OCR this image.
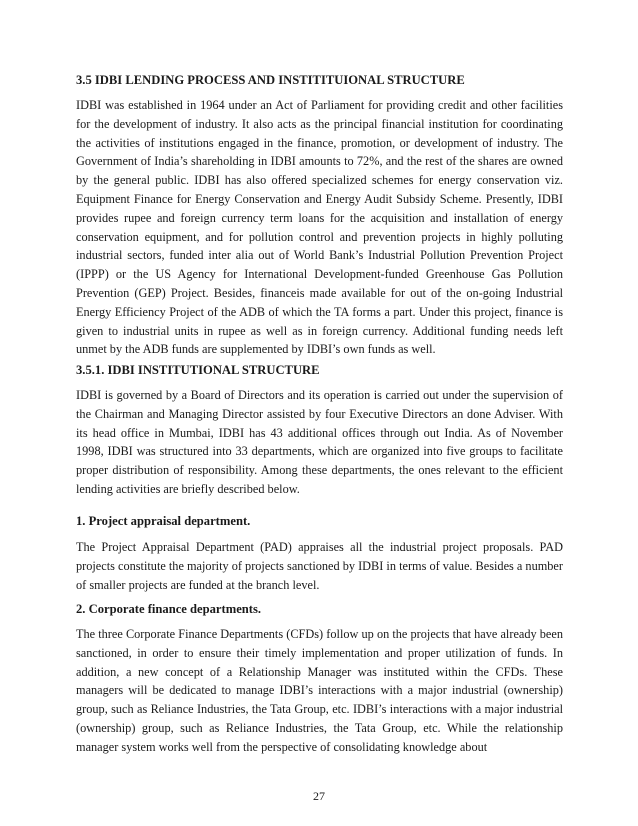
3.5 IDBI LENDING PROCESS AND INSTITITUIONAL STRUCTURE

IDBI was established in 1964 under an Act of Parliament for providing credit and other facilities for the development of industry. It also acts as the principal financial institution for coordinating the activities of institutions engaged in the finance, promotion, or development of industry. The Government of India’s shareholding in IDBI amounts to 72%, and the rest of the shares are owned by the general public. IDBI has also offered specialized schemes for energy conservation viz. Equipment Finance for Energy Conservation and Energy Audit Subsidy Scheme. Presently, IDBI provides rupee and foreign currency term loans for the acquisition and installation of energy conservation equipment, and for pollution control and prevention projects in highly polluting industrial sectors, funded inter alia out of World Bank’s Industrial Pollution Prevention Project (IPPP) or the US Agency for International Development-funded Greenhouse Gas Pollution Prevention (GEP) Project. Besides, financeis made available for out of the on-going Industrial Energy Efficiency Project of the ADB of which the TA forms a part. Under this project, finance is given to industrial units in rupee as well as in foreign currency. Additional funding needs left unmet by the ADB funds are supplemented by IDBI’s own funds as well.

3.5.1. IDBI INSTITUTIONAL STRUCTURE

IDBI is governed by a Board of Directors and its operation is carried out under the supervision of the Chairman and Managing Director assisted by four Executive Directors an done Adviser. With its head office in Mumbai, IDBI has 43 additional offices through out India. As of November 1998, IDBI was structured into 33 departments, which are organized into five groups to facilitate proper distribution of responsibility. Among these departments, the ones relevant to the efficient lending activities are briefly described below.

1. Project appraisal department.

The Project Appraisal Department (PAD) appraises all the industrial project proposals. PAD projects constitute the majority of projects sanctioned by IDBI in terms of value. Besides a number of smaller projects are funded at the branch level.

2. Corporate finance departments.

The three Corporate Finance Departments (CFDs) follow up on the projects that have already been sanctioned, in order to ensure their timely implementation and proper utilization of funds. In addition, a new concept of a Relationship Manager was instituted within the CFDs. These managers will be dedicated to manage IDBI’s interactions with a major industrial (ownership) group, such as Reliance Industries, the Tata Group, etc. IDBI’s interactions with a major industrial (ownership) group, such as Reliance Industries, the Tata Group, etc. While the relationship manager system works well from the perspective of consolidating knowledge about

27
